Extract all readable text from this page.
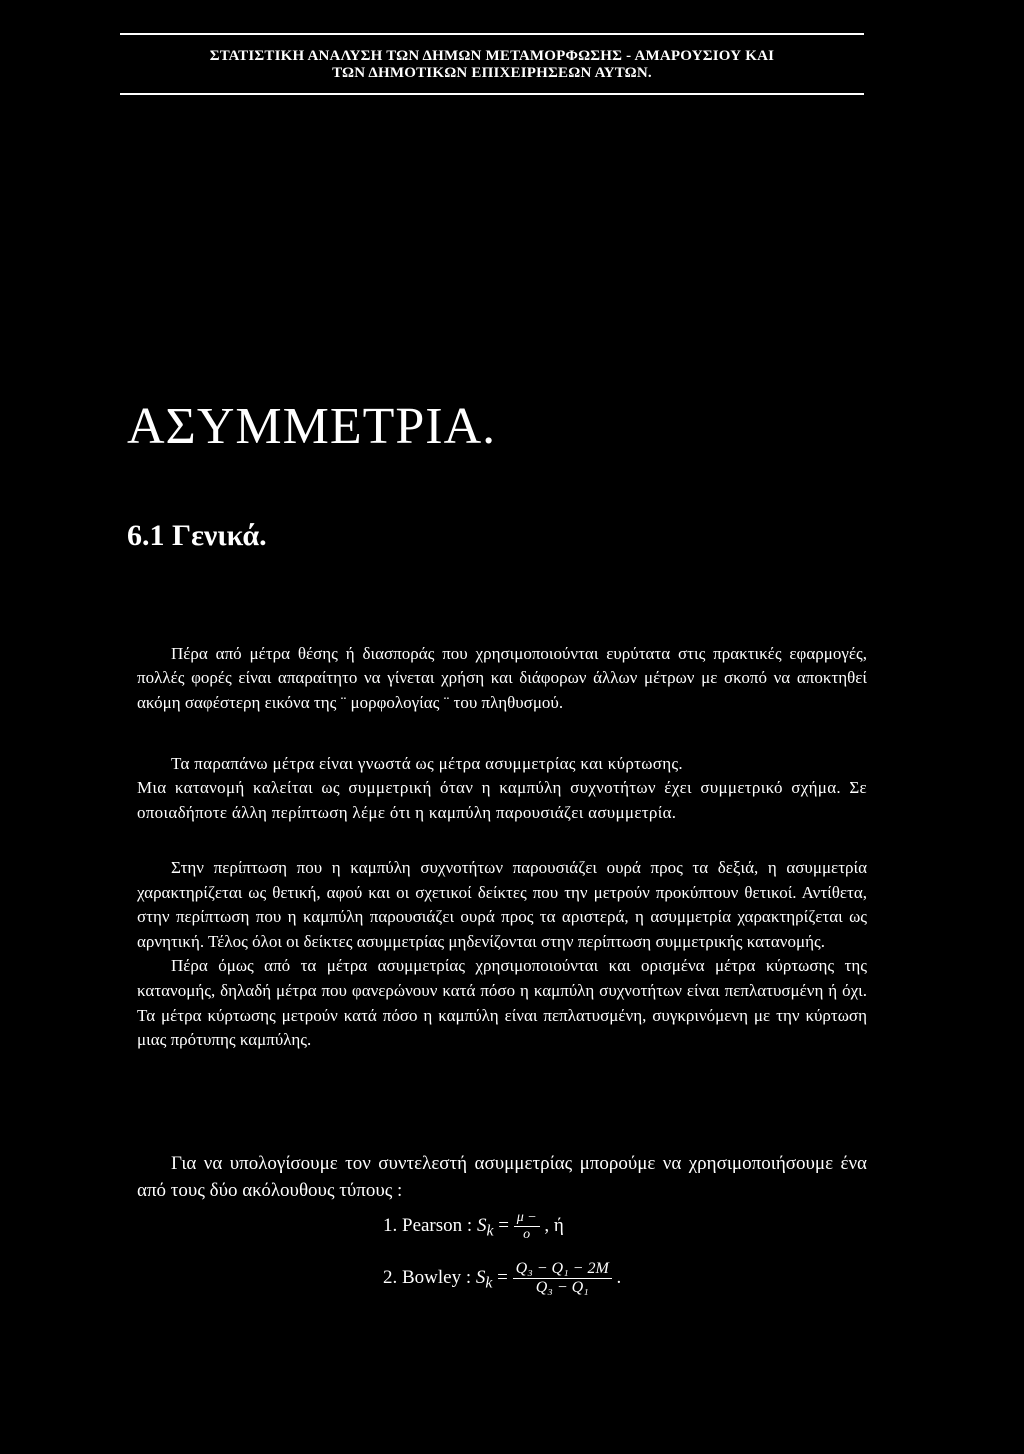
ΣΤΑΤΙΣΤΙΚΗ ΑΝΑΛΥΣΗ ΤΩΝ ΔΗΜΩΝ ΜΕΤΑΜΟΡΦΩΣΗΣ - ΑΜΑΡΟΥΣΙΟΥ ΚΑΙ
ΤΩΝ ΔΗΜΟΤΙΚΩΝ ΕΠΙΧΕΙΡΗΣΕΩΝ ΑΥΤΩΝ.
ΑΣΥΜΜΕΤΡΙΑ.
6.1 Γενικά.

Πέρα από μέτρα θέσης ή διασποράς που χρησιμοποιούνται ευρύτατα στις πρακτικές εφαρμογές, πολλές φορές είναι απαραίτητο να γίνεται χρήση και διάφορων άλλων μέτρων με σκοπό να αποκτηθεί ακόμη σαφέστερη εικόνα της ¨ μορφολογίας ¨ του πληθυσμού.

Τα παραπάνω μέτρα είναι γνωστά ως μέτρα ασυμμετρίας και κύρτωσης.

Μια κατανομή καλείται ως συμμετρική όταν η καμπύλη συχνοτήτων έχει συμμετρικό σχήμα. Σε οποιαδήποτε άλλη περίπτωση λέμε ότι η καμπύλη παρουσιάζει ασυμμετρία.

Στην περίπτωση που η καμπύλη συχνοτήτων παρουσιάζει ουρά προς τα δεξιά, η ασυμμετρία χαρακτηρίζεται ως θετική, αφού και οι σχετικοί δείκτες που την μετρούν προκύπτουν θετικοί. Αντίθετα, στην περίπτωση που η καμπύλη παρουσιάζει ουρά προς τα αριστερά, η ασυμμετρία χαρακτηρίζεται ως αρνητική. Τέλος όλοι οι δείκτες ασυμμετρίας μηδενίζονται στην περίπτωση συμμετρικής κατανομής.

Πέρα όμως από τα μέτρα ασυμμετρίας χρησιμοποιούνται και ορισμένα μέτρα κύρτωσης της κατανομής, δηλαδή μέτρα που φανερώνουν κατά πόσο η καμπύλη συχνοτήτων είναι πεπλατυσμένη ή όχι. Τα μέτρα κύρτωσης μετρούν κατά πόσο η καμπύλη είναι πεπλατυσμένη, συγκρινόμενη με την κύρτωση μιας πρότυπης καμπύλης.

Για να υπολογίσουμε τον συντελεστή ασυμμετρίας μπορούμε να χρησιμοποιήσουμε ένα από τους δύο ακόλουθους τύπους :

1. Pearson : $S_k = \frac{\mu -}{o}$ , ή
2. Bowley : $S_k = \frac{\text{Q₃ − Q₁ − 2M}}{\text{Q₃ − Q₁}}$ .
